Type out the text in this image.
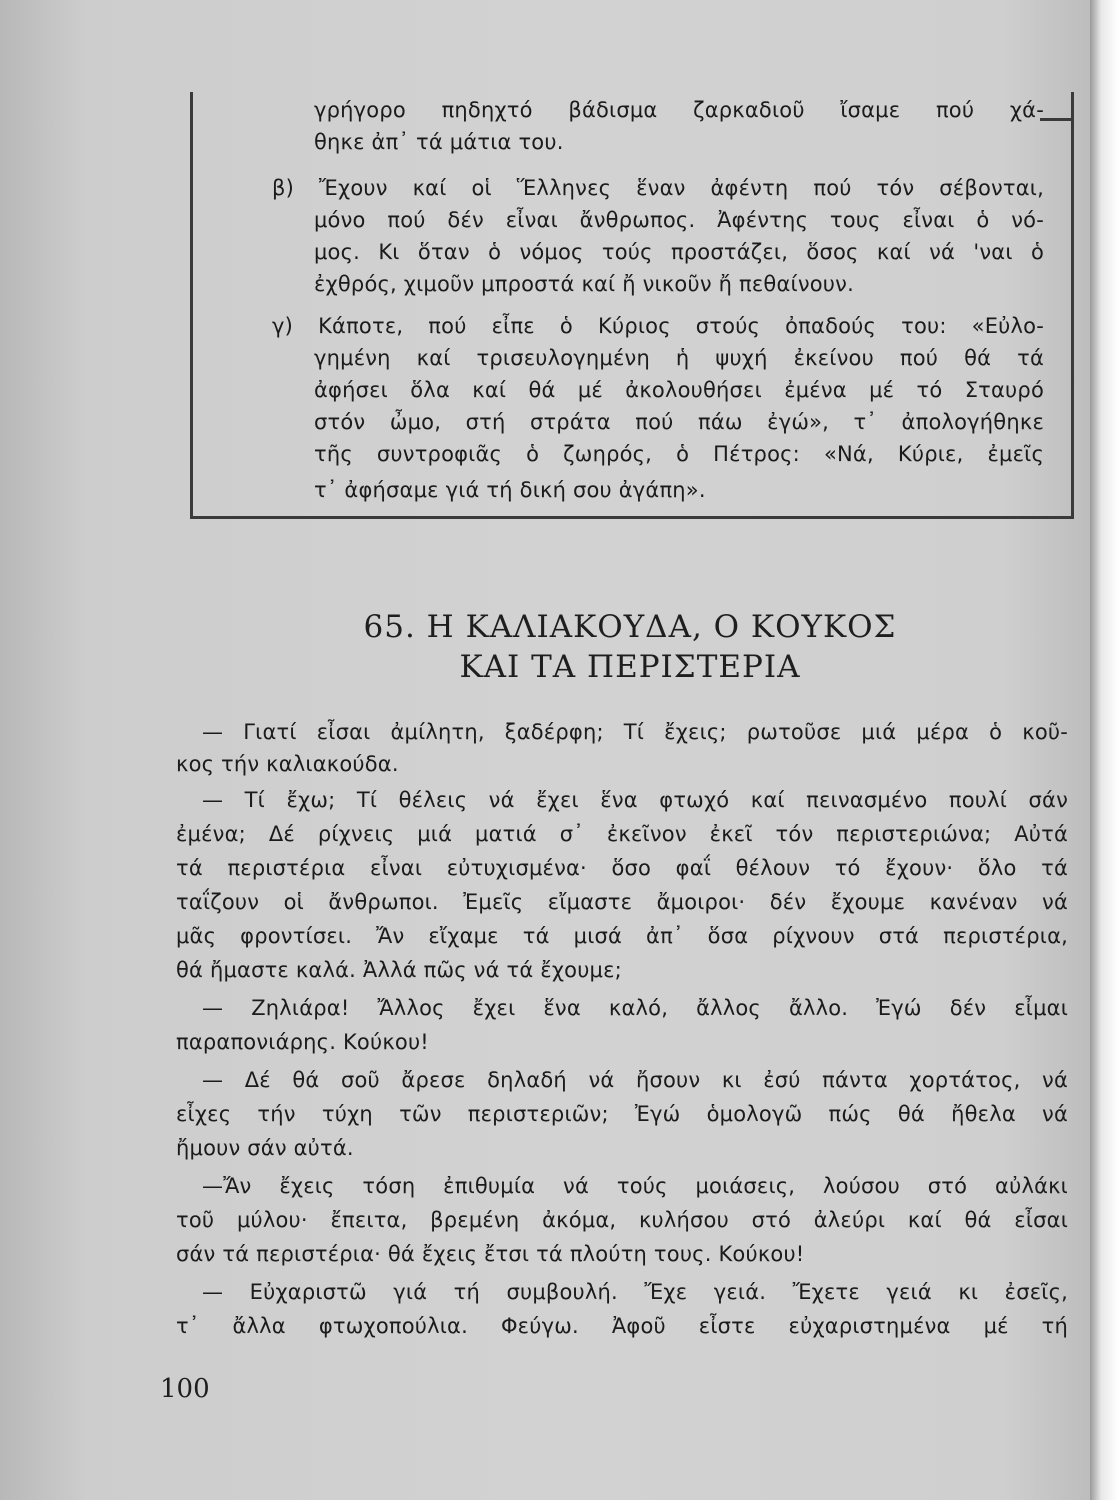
γρήγορο πηδηχτό βάδισμα ζαρκαδιοῦ ἴσαμε πού χά-
θηκε ἀπ᾽ τά μάτια του.
β) Ἔχουν καί οἱ Ἕλληνες ἕναν ἀφέντη πού τόν σέβονται,
μόνο πού δέν εἶναι ἄνθρωπος. Ἀφέντης τους εἶναι ὁ νό-
μος. Κι ὅταν ὁ νόμος τούς προστάζει, ὅσος καί νά 'ναι ὁ
ἐχθρός, χιμοῦν μπροστά καί ἤ νικοῦν ἤ πεθαίνουν.
γ) Κάποτε, πού εἶπε ὁ Κύριος στούς ὀπαδούς του: «Εὐλο-
γημένη καί τρισευλογημένη ἡ ψυχή ἐκείνου πού θά τά
ἀφήσει ὅλα καί θά μέ ἀκολουθήσει ἐμένα μέ τό Σταυρό
στόν ὦμο, στή στράτα πού πάω ἐγώ», τ᾽ ἀπολογήθηκε
τῆς συντροφιᾶς ὁ ζωηρός, ὁ Πέτρος: «Νά, Κύριε, ἐμεῖς
τ᾽ ἀφήσαμε γιά τή δική σου ἀγάπη».
65. Η ΚΑΛΙΑΚΟΥΔΑ, Ο ΚΟΥΚΟΣ
ΚΑΙ ΤΑ ΠΕΡΙΣΤΕΡΙΑ
— Γιατί εἶσαι ἀμίλητη, ξαδέρφη; Τί ἔχεις; ρωτοῦσε μιά μέρα ὁ κοῦ-
κος τήν καλιακούδα.
— Τί ἔχω; Τί θέλεις νά ἔχει ἕνα φτωχό καί πεινασμένο πουλί σάν
ἐμένα; Δέ ρίχνεις μιά ματιά σ᾽ ἐκεῖνον ἐκεῖ τόν περιστεριώνα; Αὐτά
τά περιστέρια εἶναι εὐτυχισμένα· ὅσο φαΐ θέλουν τό ἔχουν· ὅλο τά
ταΐζουν οἱ ἄνθρωποι. Ἐμεῖς εἴμαστε ἄμοιροι· δέν ἔχουμε κανέναν νά
μᾶς φροντίσει. Ἄν εἴχαμε τά μισά ἀπ᾽ ὅσα ρίχνουν στά περιστέρια,
θά ἤμαστε καλά. Ἀλλά πῶς νά τά ἔχουμε;
— Ζηλιάρα! Ἄλλος ἔχει ἕνα καλό, ἄλλος ἄλλο. Ἐγώ δέν εἶμαι
παραπονιάρης. Κούκου!
— Δέ θά σοῦ ἄρεσε δηλαδή νά ἤσουν κι ἐσύ πάντα χορτάτος, νά
εἶχες τήν τύχη τῶν περιστεριῶν; Ἐγώ ὁμολογῶ πώς θά ἤθελα νά
ἤμουν σάν αὐτά.
—Ἄν ἔχεις τόση ἐπιθυμία νά τούς μοιάσεις, λούσου στό αὐλάκι
τοῦ μύλου· ἔπειτα, βρεμένη ἀκόμα, κυλήσου στό ἀλεύρι καί θά εἶσαι
σάν τά περιστέρια· θά ἔχεις ἔτσι τά πλούτη τους. Κούκου!
— Εὐχαριστῶ γιά τή συμβουλή. Ἔχε γειά. Ἔχετε γειά κι ἐσεῖς,
τ᾽ ἄλλα φτωχοπούλια. Φεύγω. Ἀφοῦ εἶστε εὐχαριστημένα μέ τή
100
